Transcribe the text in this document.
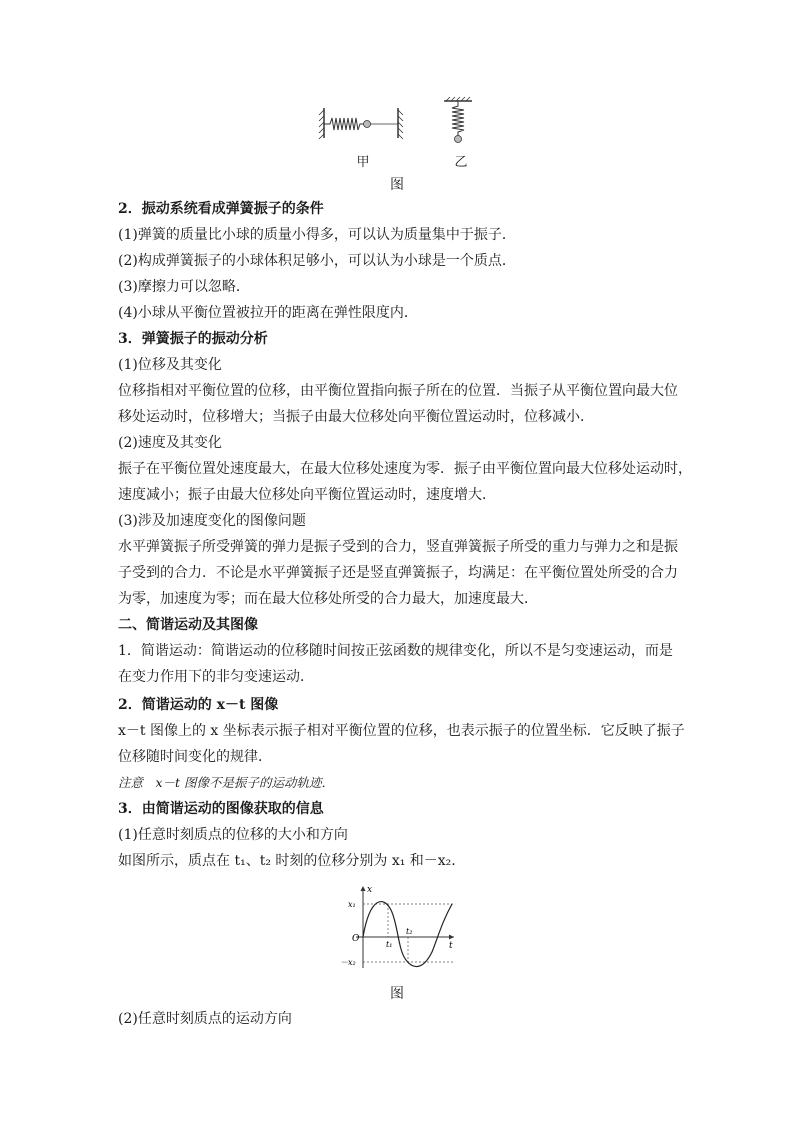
甲	乙
图
2．振动系统看成弹簧振子的条件
(1)弹簧的质量比小球的质量小得多，可以认为质量集中于振子．
(2)构成弹簧振子的小球体积足够小，可以认为小球是一个质点．
(3)摩擦力可以忽略．
(4)小球从平衡位置被拉开的距离在弹性限度内．
3．弹簧振子的振动分析
(1)位移及其变化
位移指相对平衡位置的位移，由平衡位置指向振子所在的位置．当振子从平衡位置向最大位
移处运动时，位移增大；当振子由最大位移处向平衡位置运动时，位移减小．
(2)速度及其变化
振子在平衡位置处速度最大，在最大位移处速度为零．振子由平衡位置向最大位移处运动时，
速度减小；振子由最大位移处向平衡位置运动时，速度增大．
(3)涉及加速度变化的图像问题
水平弹簧振子所受弹簧的弹力是振子受到的合力，竖直弹簧振子所受的重力与弹力之和是振
子受到的合力．不论是水平弹簧振子还是竖直弹簧振子，均满足：在平衡位置处所受的合力
为零，加速度为零；而在最大位移处所受的合力最大，加速度最大．
二、简谐运动及其图像
1．简谐运动：简谐运动的位移随时间按正弦函数的规律变化，所以不是匀变速运动，而是
在变力作用下的非匀变速运动．
2．简谐运动的 x－t 图像
x－t 图像上的 x 坐标表示振子相对平衡位置的位移，也表示振子的位置坐标．它反映了振子
位移随时间变化的规律．
注意　x－t 图像不是振子的运动轨迹．
3．由简谐运动的图像获取的信息
(1)任意时刻质点的位移的大小和方向
如图所示，质点在 t₁、t₂ 时刻的位移分别为 x₁ 和－x₂.
x
t
O
x₁
－x₂
t₁
t₂
图
(2)任意时刻质点的运动方向
